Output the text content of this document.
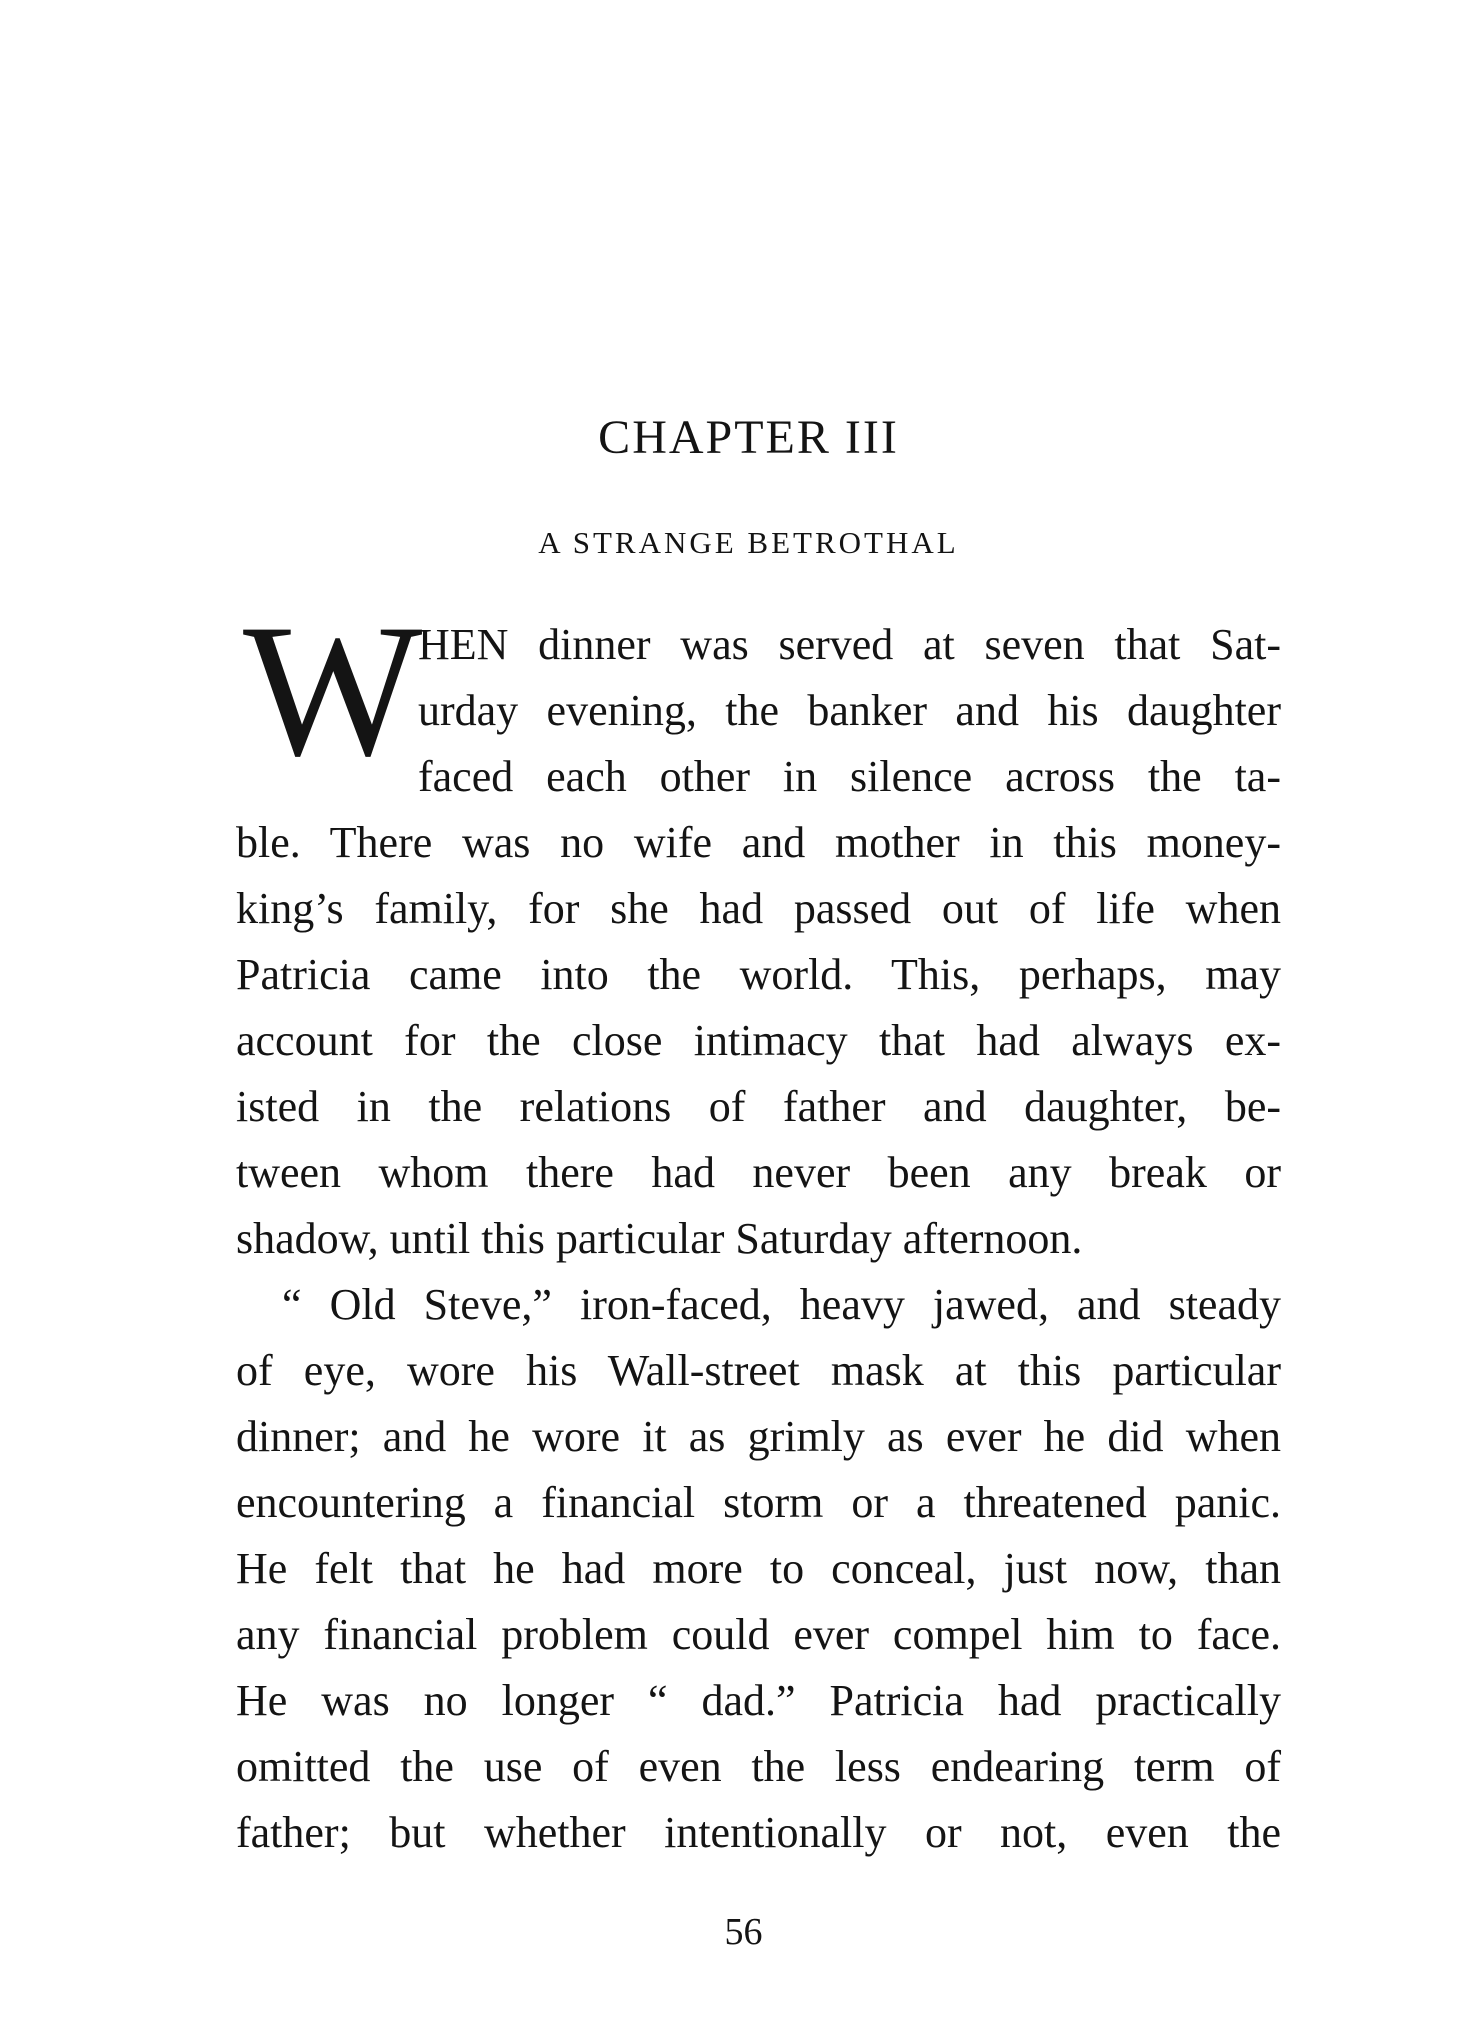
CHAPTER III
A STRANGE BETROTHAL
W
HEN dinner was served at seven that Sat-
urday evening, the banker and his daughter
faced each other in silence across the ta-
ble. There was no wife and mother in this money-
king’s family, for she had passed out of life when
Patricia came into the world. This, perhaps, may
account for the close intimacy that had always ex-
isted in the relations of father and daughter, be-
tween whom there had never been any break or
shadow, until this particular Saturday afternoon.
“ Old Steve,” iron-faced, heavy jawed, and steady
of eye, wore his Wall-street mask at this particular
dinner; and he wore it as grimly as ever he did when
encountering a financial storm or a threatened panic.
He felt that he had more to conceal, just now, than
any financial problem could ever compel him to face.
He was no longer “ dad.” Patricia had practically
omitted the use of even the less endearing term of
father; but whether intentionally or not, even the
56
